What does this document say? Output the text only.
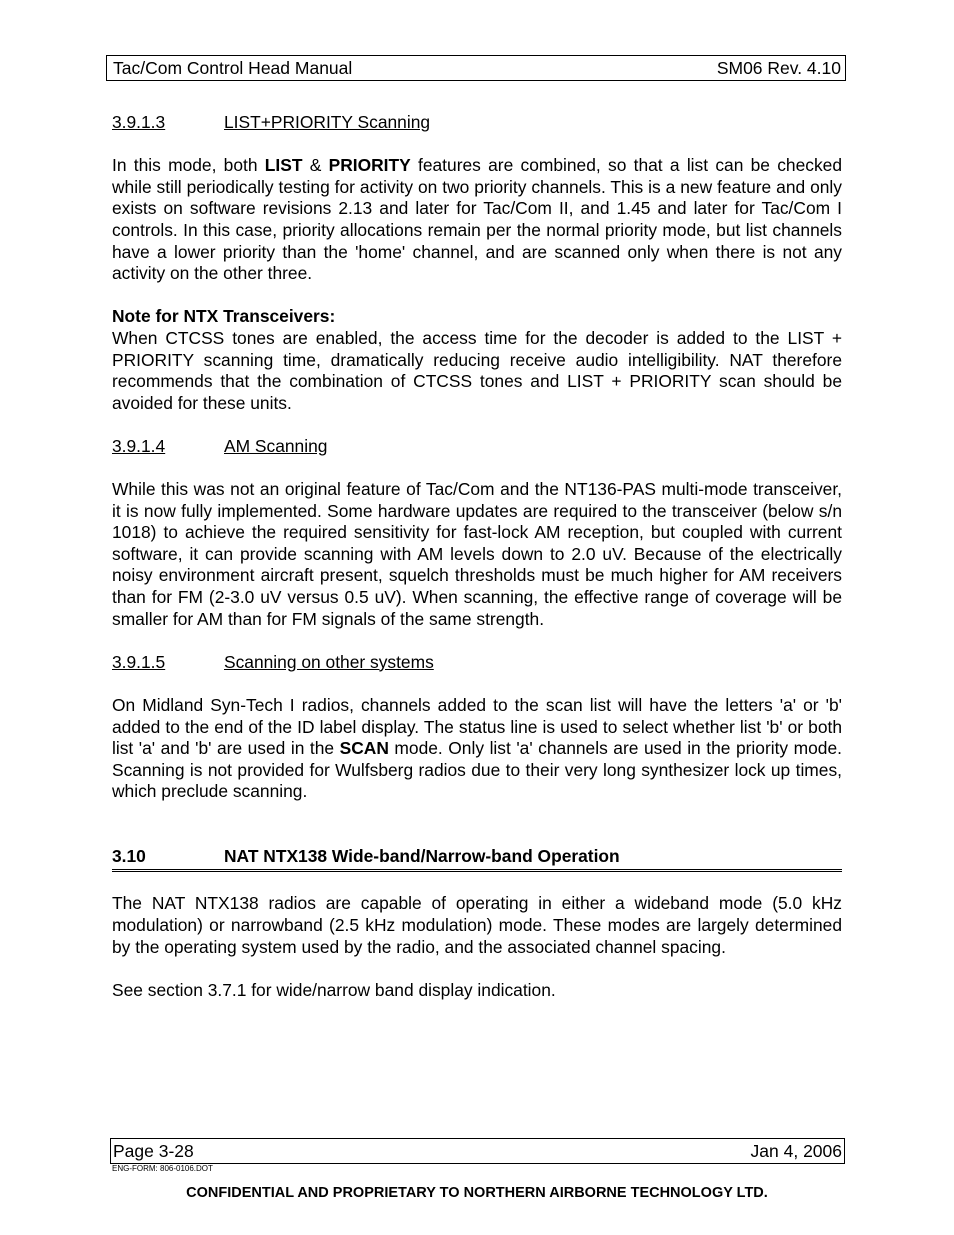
Tac/Com Control Head Manual	SM06 Rev. 4.10
3.9.1.3	LIST+PRIORITY Scanning

In this mode, both LIST & PRIORITY features are combined, so that a list can be checked while still periodically testing for activity on two priority channels. This is a new feature and only exists on software revisions 2.13 and later for Tac/Com II, and 1.45 and later for Tac/Com I controls. In this case, priority allocations remain per the normal priority mode, but list channels have a lower priority than the 'home' channel, and are scanned only when there is not any activity on the other three.

Note for NTX Transceivers:

When CTCSS tones are enabled, the access time for the decoder is added to the LIST + PRIORITY scanning time, dramatically reducing receive audio intelligibility. NAT therefore recommends that the combination of CTCSS tones and LIST + PRIORITY scan should be avoided for these units.

3.9.1.4	AM Scanning

While this was not an original feature of Tac/Com and the NT136-PAS multi-mode transceiver, it is now fully implemented. Some hardware updates are required to the transceiver (below s/n 1018) to achieve the required sensitivity for fast-lock AM reception, but coupled with current software, it can provide scanning with AM levels down to 2.0 uV. Because of the electrically noisy environment aircraft present, squelch thresholds must be much higher for AM receivers than for FM (2-3.0 uV versus 0.5 uV). When scanning, the effective range of coverage will be smaller for AM than for FM signals of the same strength.

3.9.1.5	Scanning on other systems

On Midland Syn-Tech I radios, channels added to the scan list will have the letters 'a' or 'b' added to the end of the ID label display. The status line is used to select whether list 'b' or both list 'a' and 'b' are used in the SCAN mode. Only list 'a' channels are used in the priority mode. Scanning is not provided for Wulfsberg radios due to their very long synthesizer lock up times, which preclude scanning.

3.10	NAT NTX138 Wide-band/Narrow-band Operation

The NAT NTX138 radios are capable of operating in either a wideband mode (5.0 kHz modulation) or narrowband (2.5 kHz modulation) mode. These modes are largely determined by the operating system used by the radio, and the associated channel spacing.

See section 3.7.1 for wide/narrow band display indication.

Page 3-28	Jan 4, 2006
ENG-FORM: 806-0106.DOT
CONFIDENTIAL AND PROPRIETARY TO NORTHERN AIRBORNE TECHNOLOGY LTD.
